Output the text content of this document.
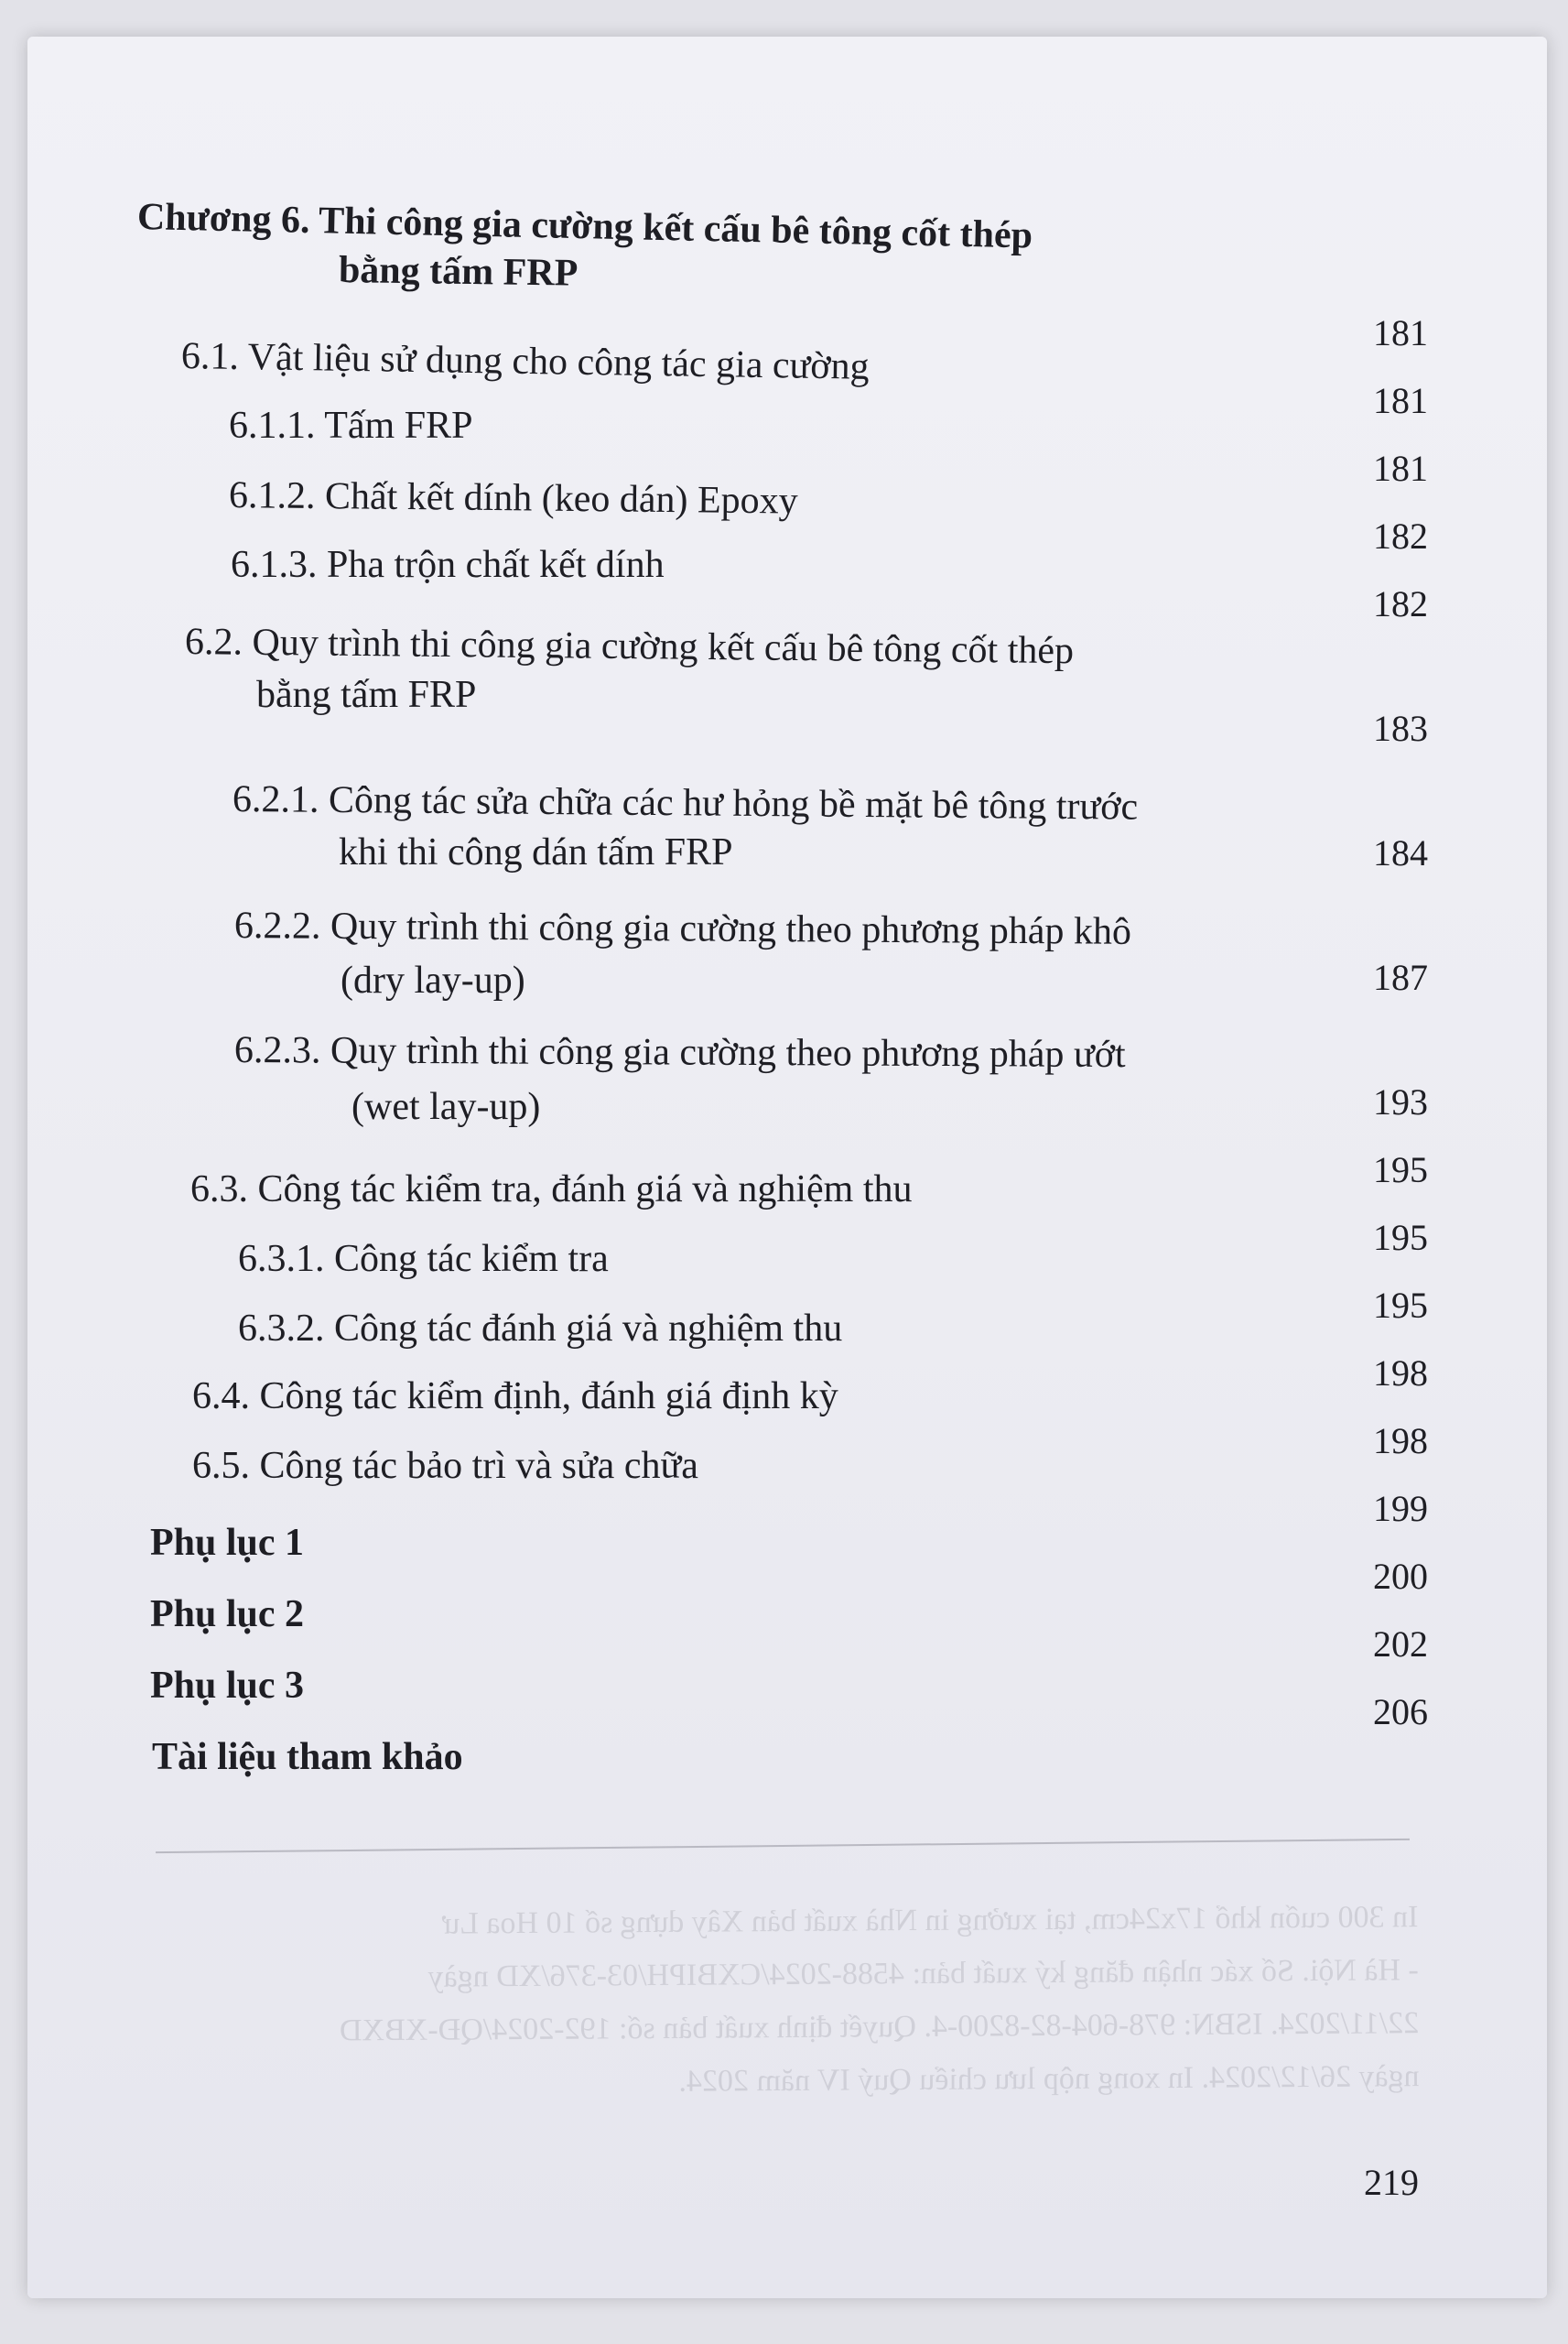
Chương 6. Thi công gia cường kết cấu bê tông cốt thép
bằng tấm FRP
6.1. Vật liệu sử dụng cho công tác gia cường
6.1.1. Tấm FRP
6.1.2. Chất kết dính (keo dán) Epoxy
6.1.3. Pha trộn chất kết dính
6.2. Quy trình thi công gia cường kết cấu bê tông cốt thép
bằng tấm FRP
6.2.1. Công tác sửa chữa các hư hỏng bề mặt bê tông trước
khi thi công dán tấm FRP
6.2.2. Quy trình thi công gia cường theo phương pháp khô
(dry lay-up)
6.2.3. Quy trình thi công gia cường theo phương pháp ướt
(wet lay-up)
6.3. Công tác kiểm tra, đánh giá và nghiệm thu
6.3.1. Công tác kiểm tra
6.3.2. Công tác đánh giá và nghiệm thu
6.4. Công tác kiểm định, đánh giá định kỳ
6.5. Công tác bảo trì và sửa chữa
Phụ lục 1
Phụ lục 2
Phụ lục 3
Tài liệu tham khảo
181
181
181
182
182
183
184
187
193
195
195
195
198
198
199
200
202
206
In 300 cuốn khổ 17x24cm, tại xưởng in Nhà xuất bản Xây dựng số 10 Hoa Lư
- Hà Nội. Số xác nhận đăng ký xuất bản: 4588-2024/CXBIPH/03-376/XD ngày
22/11/2024. ISBN: 978-604-82-8200-4. Quyết định xuất bản số: 192-2024/QĐ-XBXD
ngày 26/12/2024. In xong nộp lưu chiểu Quý IV năm 2024.
219
